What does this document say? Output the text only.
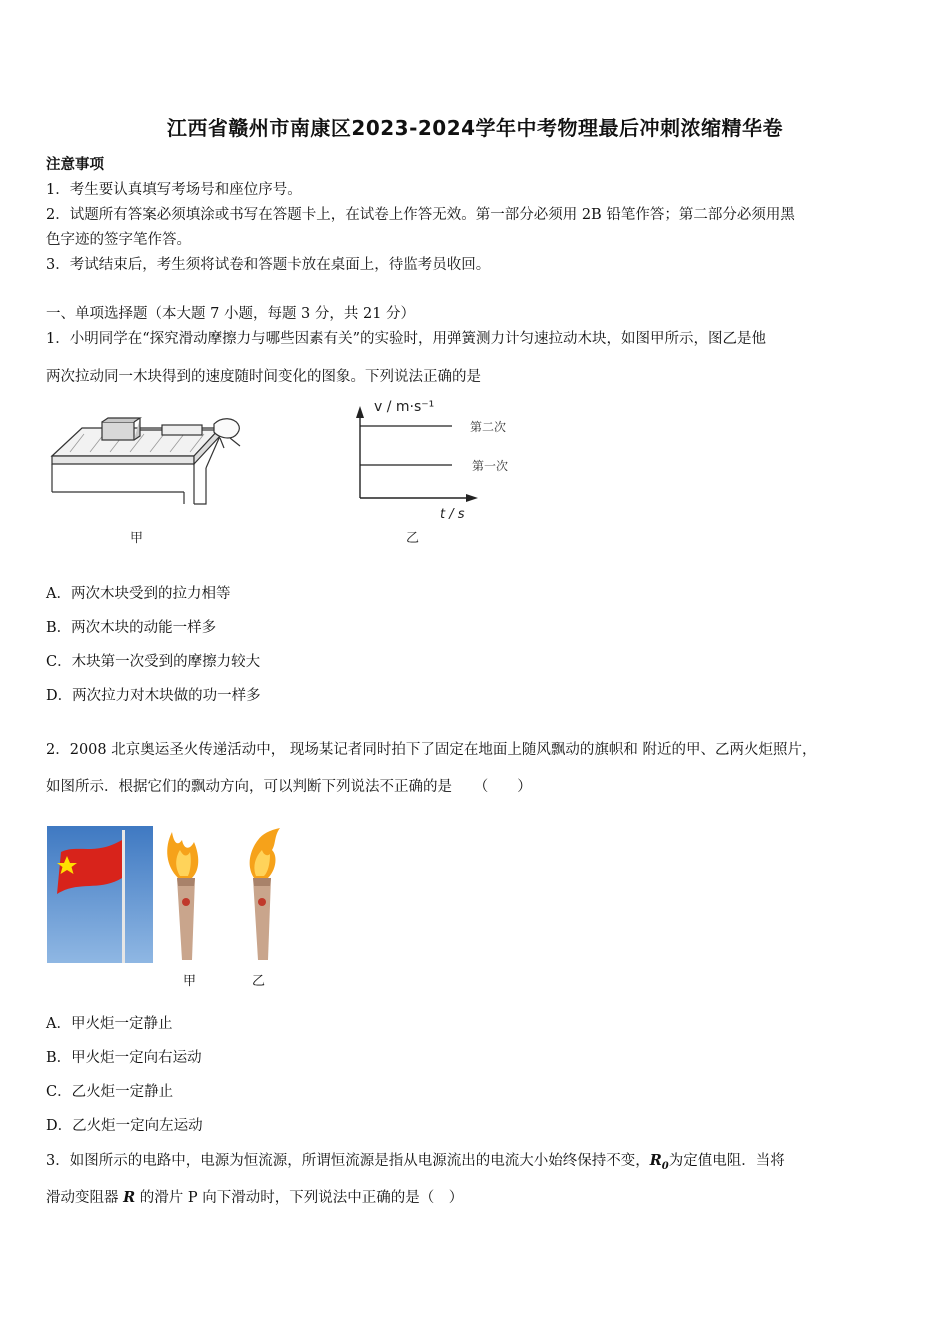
江西省赣州市南康区2023-2024学年中考物理最后冲刺浓缩精华卷
注意事项
1．考生要认真填写考场号和座位序号。
2．试题所有答案必须填涂或书写在答题卡上，在试卷上作答无效。第一部分必须用 2B 铅笔作答；第二部分必须用黑
色字迹的签字笔作答。
3．考试结束后，考生须将试卷和答题卡放在桌面上，待监考员收回。
一、单项选择题（本大题 7 小题，每题 3 分，共 21 分）
1．小明同学在“探究滑动摩擦力与哪些因素有关”的实验时，用弹簧测力计匀速拉动木块，如图甲所示，图乙是他
两次拉动同一木块得到的速度随时间变化的图象。下列说法正确的是
甲
v / m·s⁻¹
t / s
第二次
第一次
乙
A．两次木块受到的拉力相等
B．两次木块的动能一样多
C．木块第一次受到的摩擦力较大
D．两次拉力对木块做的功一样多
2．2008 北京奥运圣火传递活动中， 现场某记者同时拍下了固定在地面上随风飘动的旗帜和 附近的甲、乙两火炬照片，
如图所示．根据它们的飘动方向，可以判断下列说法不正确的是　　（　　）
甲	乙
A．甲火炬一定静止
B．甲火炬一定向右运动
C．乙火炬一定静止
D．乙火炬一定向左运动
3．如图所示的电路中，电源为恒流源，所谓恒流源是指从电源流出的电流大小始终保持不变，$R_0$为定值电阻．当将
滑动变阻器 R 的滑片 P 向下滑动时，下列说法中正确的是（　）
